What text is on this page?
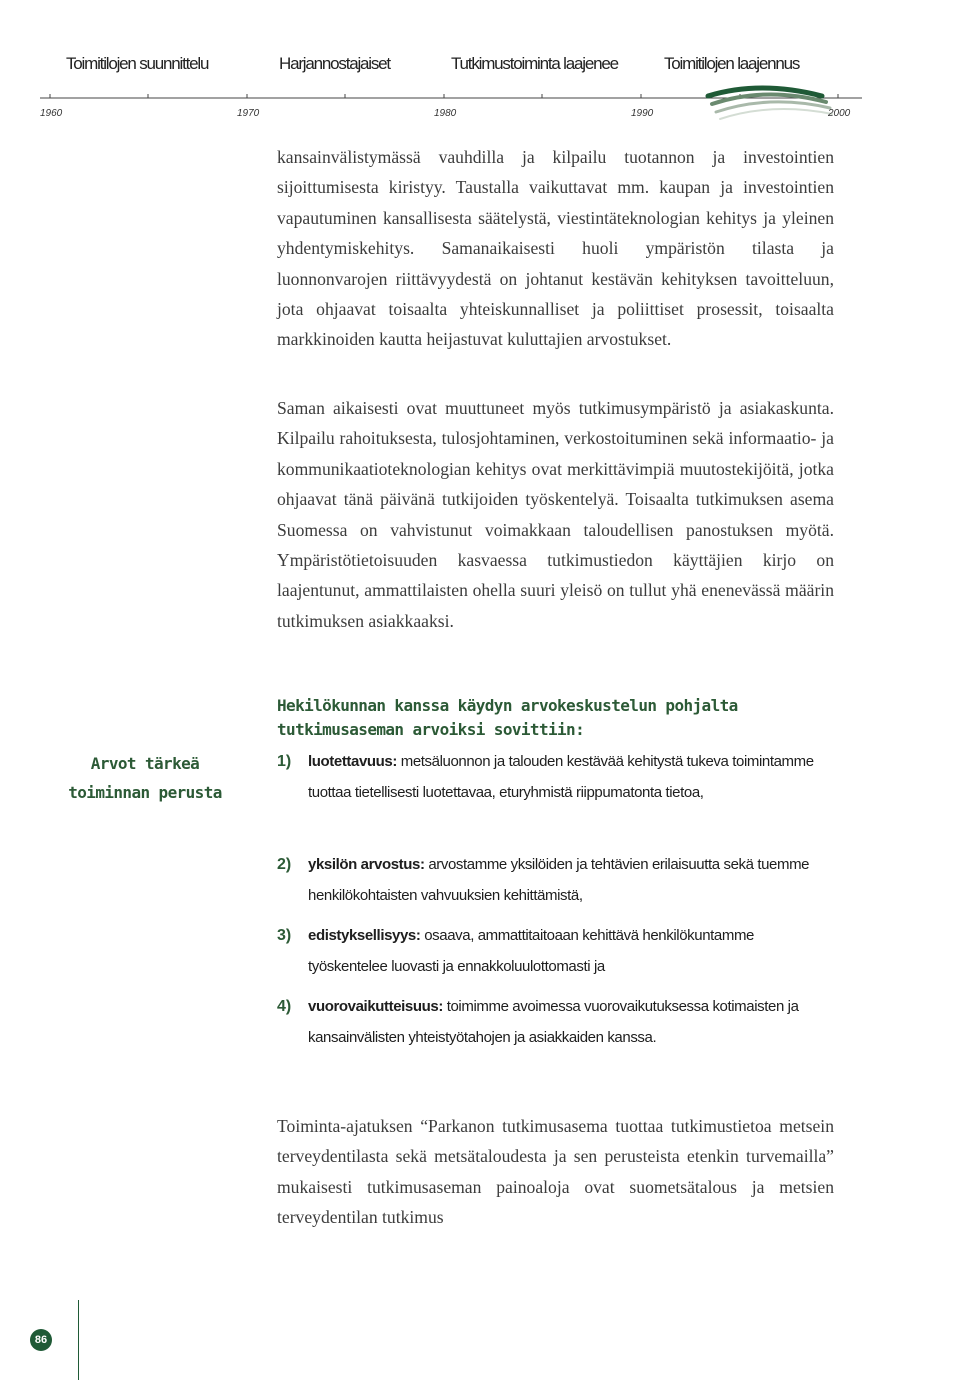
Toimitilojen suunnittelu	Harjannostajaiset	Tutkimustoiminta laajenee	Toimitilojen laajennus
1960	1970	1980	1990	2000

kansainvälistymässä vauhdilla ja kilpailu tuotannon ja investointien sijoittumisesta kiristyy. Taustalla vaikuttavat mm. kaupan ja investointien vapautuminen kansallisesta säätelystä, viestintäteknologian kehitys ja yleinen yhdentymiskehitys. Samanaikaisesti huoli ympäristön tilasta ja luonnonvarojen riittävyydestä on johtanut kestävän kehityksen tavoitteluun, jota ohjaavat toisaalta yhteiskunnalliset ja poliittiset prosessit, toisaalta markkinoiden kautta heijastuvat kuluttajien arvostukset.

Saman aikaisesti ovat muuttuneet myös tutkimusympäristö ja asiakaskunta. Kilpailu rahoituksesta, tulosjohtaminen, verkostoituminen sekä informaatio- ja kommunikaatioteknologian kehitys ovat merkittävimpiä muutostekijöitä, jotka ohjaavat tänä päivänä tutkijoiden työskentelyä. Toisaalta tutkimuksen asema Suomessa on vahvistunut voimakkaan taloudellisen panostuksen myötä. Ympäristötietoisuuden kasvaessa tutkimustiedon käyttäjien kirjo on laajentunut, ammattilaisten ohella suuri yleisö on tullut yhä enenevässä määrin tutkimuksen asiakkaaksi.

Arvot tärkeä
toiminnan perusta
Hekilökunnan kanssa käydyn arvokeskustelun pohjalta tutkimusaseman arvoiksi sovittiin:
1) luotettavuus: metsäluonnon ja talouden kestävää kehitystä tukeva toimintamme tuottaa tietellisesti luotettavaa, eturyhmistä riippumatonta tietoa,
2) yksilön arvostus: arvostamme yksilöiden ja tehtävien erilaisuutta sekä tuemme henkilökohtaisten vahvuuksien kehittämistä,
3) edistyksellisyys: osaava, ammattitaitoaan kehittävä henkilökuntamme työskentelee luovasti ja ennakkoluulottomasti ja
4) vuorovaikutteisuus: toimimme avoimessa vuorovaikutuksessa kotimaisten ja kansainvälisten yhteistyötahojen ja asiakkaiden kanssa.

Toiminta-ajatuksen “Parkanon tutkimusasema tuottaa tutkimustietoa metsein terveydentilasta sekä metsätaloudesta ja sen perusteista etenkin turvemailla” mukaisesti tutkimusaseman painoaloja ovat suometsätalous ja metsien terveydentilan tutkimus

86
